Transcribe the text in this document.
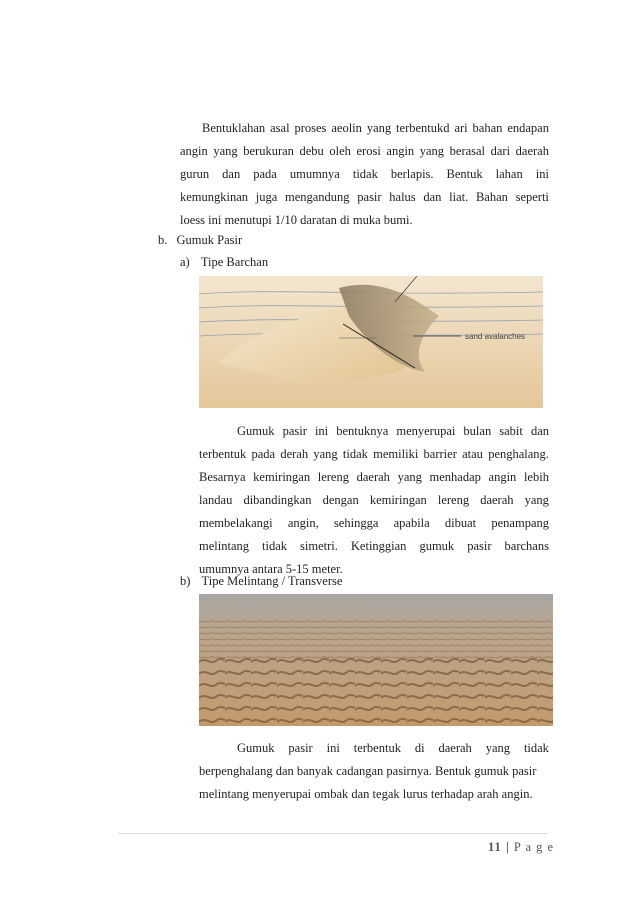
Bentuklahan asal proses aeolin yang terbentukd ari bahan endapan
angin yang berukuran debu oleh erosi angin yang berasal dari daerah
gurun dan pada umumnya tidak berlapis. Bentuk lahan ini
kemungkinan juga mengandung pasir halus dan liat. Bahan seperti
loess ini menutupi 1/10 daratan di muka bumi.
b. Gumuk Pasir
a) Tipe Barchan
sand avalanches
Gumuk pasir ini bentuknya menyerupai bulan sabit dan
terbentuk pada derah yang tidak memiliki barrier atau penghalang.
Besarnya kemiringan lereng daerah yang menhadap angin lebih
landau dibandingkan dengan kemiringan lereng daerah yang
membelakangi angin, sehingga apabila dibuat penampang
melintang tidak simetri. Ketinggian gumuk pasir barchans
umumnya antara 5-15 meter.
b) Tipe Melintang / Transverse
Gumuk pasir ini terbentuk di daerah yang tidak
berpenghalang dan banyak cadangan pasirnya. Bentuk gumuk pasir
melintang menyerupai ombak dan tegak lurus terhadap arah angin.
11 | P a g e
